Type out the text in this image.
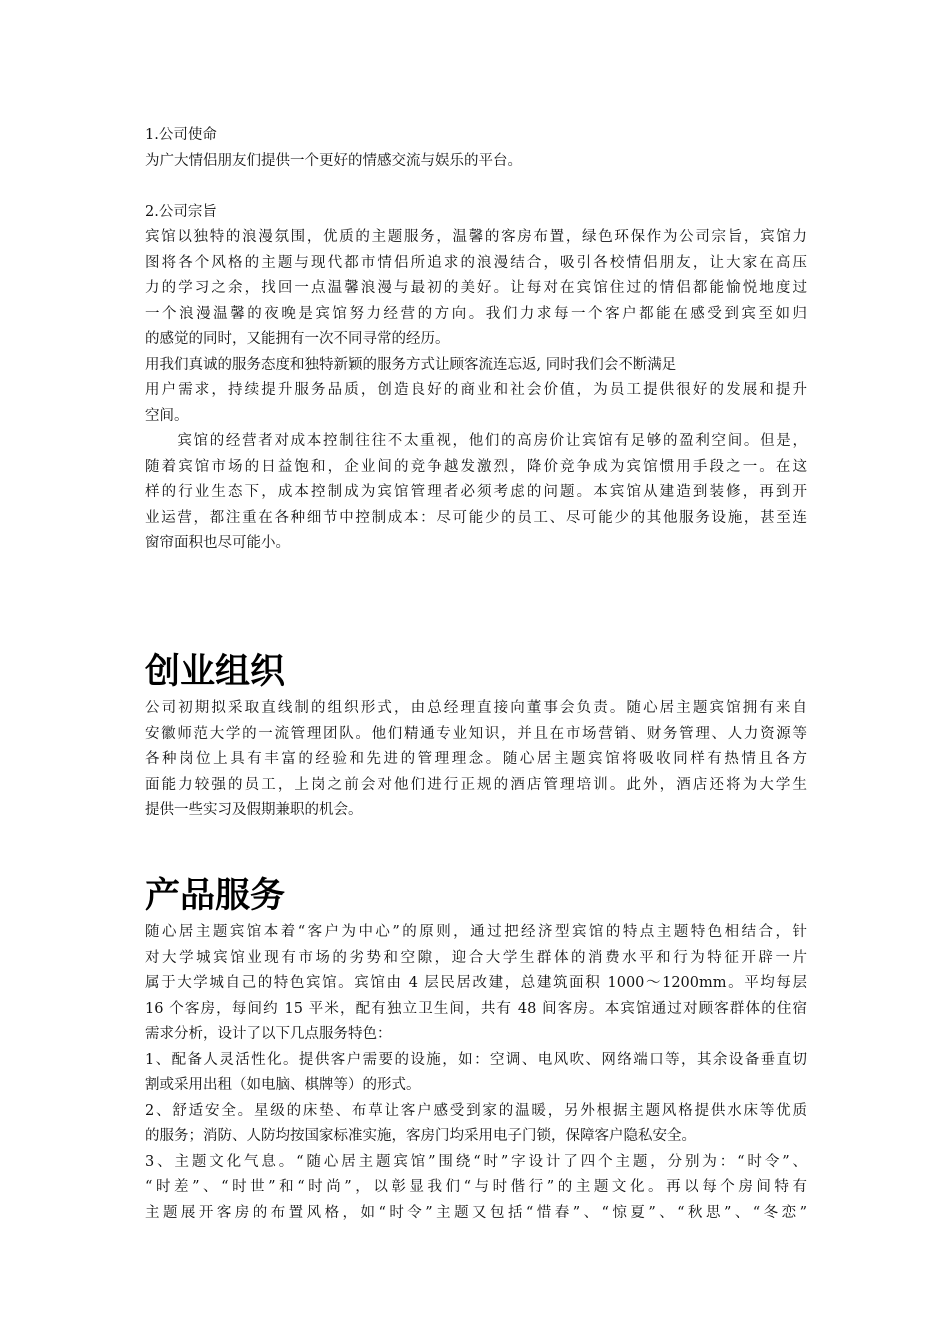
1.公司使命
为广大情侣朋友们提供一个更好的情感交流与娱乐的平台。
2.公司宗旨
宾馆以独特的浪漫氛围，优质的主题服务，温馨的客房布置，绿色环保作为公司宗旨，宾馆力
图将各个风格的主题与现代都市情侣所追求的浪漫结合，吸引各校情侣朋友，让大家在高压
力的学习之余，找回一点温馨浪漫与最初的美好。让每对在宾馆住过的情侣都能愉悦地度过
一个浪漫温馨的夜晚是宾馆努力经营的方向。我们力求每一个客户都能在感受到宾至如归
的感觉的同时，又能拥有一次不同寻常的经历。
用我们真诚的服务态度和独特新颖的服务方式让顾客流连忘返, 同时我们会不断满足
用户需求，持续提升服务品质，创造良好的商业和社会价值，为员工提供很好的发展和提升
空间。
　　宾馆的经营者对成本控制往往不太重视，他们的高房价让宾馆有足够的盈利空间。但是，
随着宾馆市场的日益饱和，企业间的竞争越发激烈，降价竞争成为宾馆惯用手段之一。在这
样的行业生态下，成本控制成为宾馆管理者必须考虑的问题。本宾馆从建造到装修，再到开
业运营，都注重在各种细节中控制成本：尽可能少的员工、尽可能少的其他服务设施，甚至连
窗帘面积也尽可能小。
创业组织
公司初期拟采取直线制的组织形式，由总经理直接向董事会负责。随心居主题宾馆拥有来自
安徽师范大学的一流管理团队。他们精通专业知识，并且在市场营销、财务管理、人力资源等
各种岗位上具有丰富的经验和先进的管理理念。随心居主题宾馆将吸收同样有热情且各方
面能力较强的员工，上岗之前会对他们进行正规的酒店管理培训。此外，酒店还将为大学生
提供一些实习及假期兼职的机会。
产品服务
随心居主题宾馆本着“客户为中心”的原则，通过把经济型宾馆的特点主题特色相结合，针
对大学城宾馆业现有市场的劣势和空隙，迎合大学生群体的消费水平和行为特征开辟一片
属于大学城自己的特色宾馆。宾馆由 4 层民居改建，总建筑面积 1000～1200mm。平均每层
16 个客房，每间约 15 平米，配有独立卫生间，共有 48 间客房。本宾馆通过对顾客群体的住宿
需求分析，设计了以下几点服务特色：
1、配备人灵活性化。提供客户需要的设施，如：空调、电风吹、网络端口等，其余设备垂直切
割或采用出租（如电脑、棋牌等）的形式。
2、舒适安全。星级的床垫、布草让客户感受到家的温暖，另外根据主题风格提供水床等优质
的服务；消防、人防均按国家标准实施，客房门均采用电子门锁，保障客户隐私安全。
3、主题文化气息。“随心居主题宾馆”围绕“时”字设计了四个主题，分别为：“时令”、
“时差”、“时世”和“时尚”，以彰显我们“与时偕行”的主题文化。再以每个房间特有
主题展开客房的布置风格，如“时令”主题又包括“惜春”、“惊夏”、“秋思”、“冬恋”
